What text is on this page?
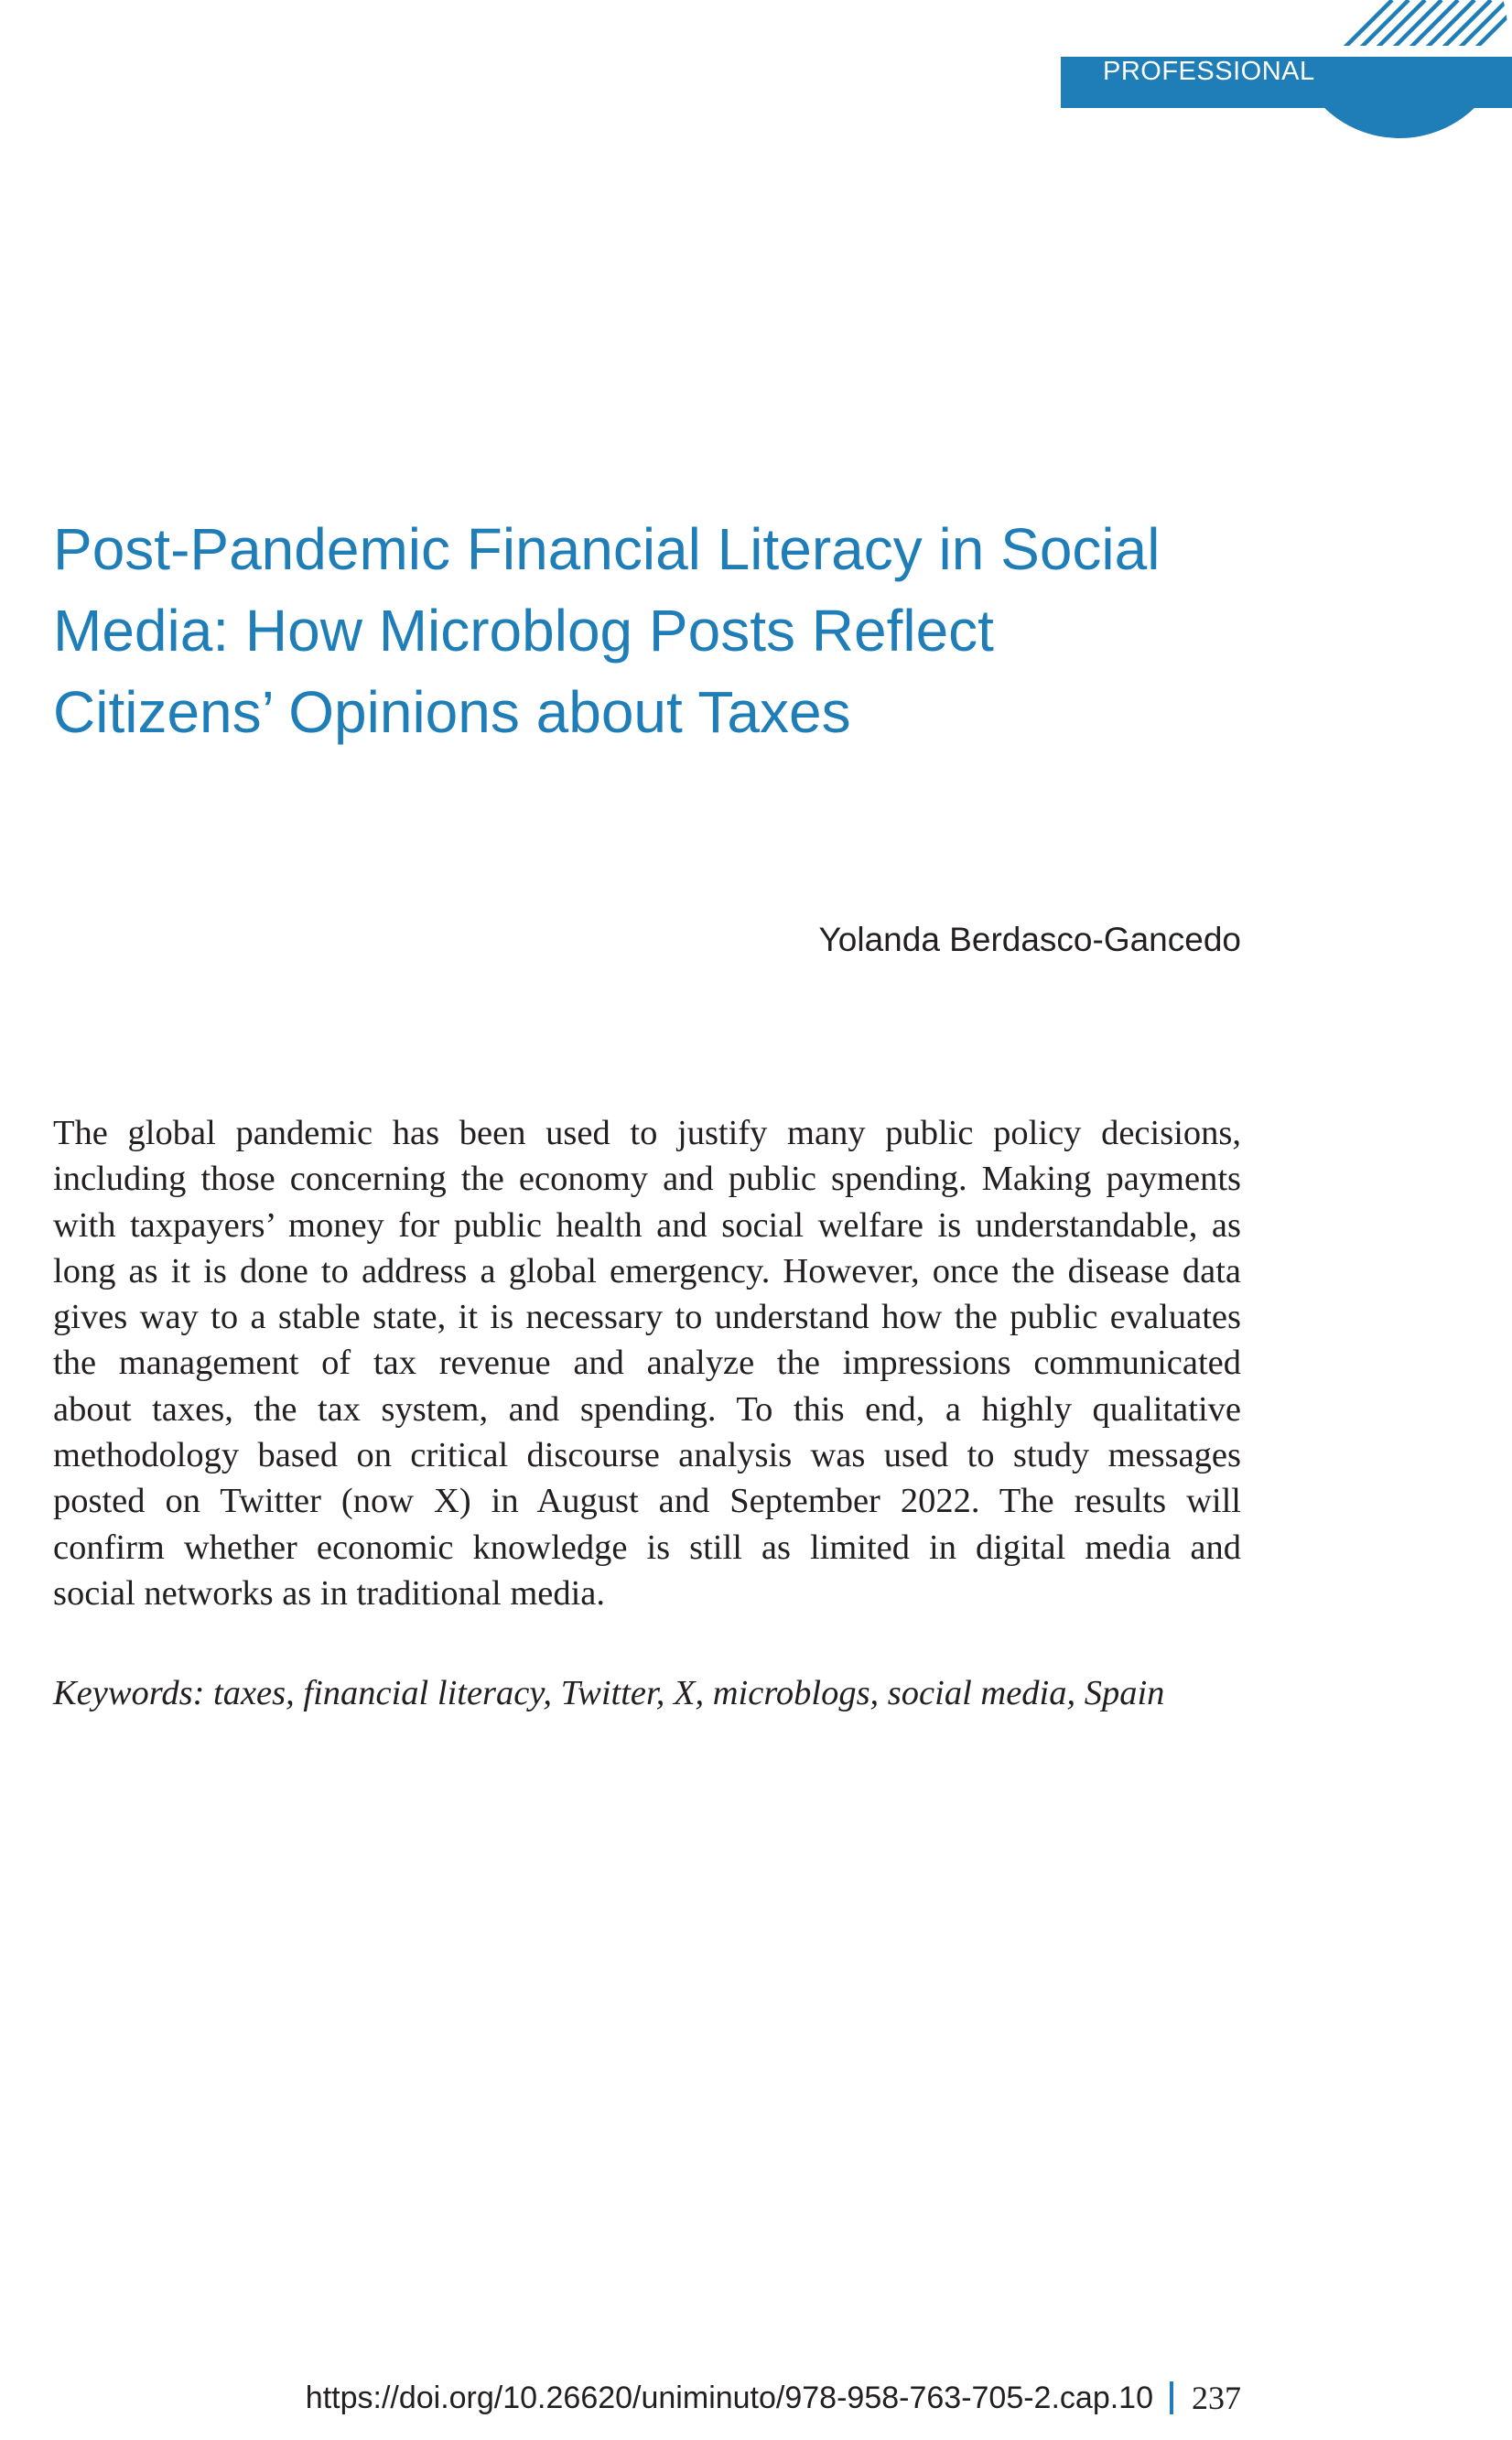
PROFESSIONAL
Post-Pandemic Financial Literacy in Social
Media: How Microblog Posts Reflect
Citizens’ Opinions about Taxes
Yolanda Berdasco-Gancedo
The global pandemic has been used to justify many public policy decisions,
including those concerning the economy and public spending. Making payments
with taxpayers’ money for public health and social welfare is understandable, as
long as it is done to address a global emergency. However, once the disease data
gives way to a stable state, it is necessary to understand how the public evaluates
the management of tax revenue and analyze the impressions communicated
about taxes, the tax system, and spending. To this end, a highly qualitative
methodology based on critical discourse analysis was used to study messages
posted on Twitter (now X) in August and September 2022. The results will
confirm whether economic knowledge is still as limited in digital media and
social networks as in traditional media.
Keywords: taxes, financial literacy, Twitter, X, microblogs, social media, Spain
https://doi.org/10.26620/uniminuto/978-958-763-705-2.cap.10 237
